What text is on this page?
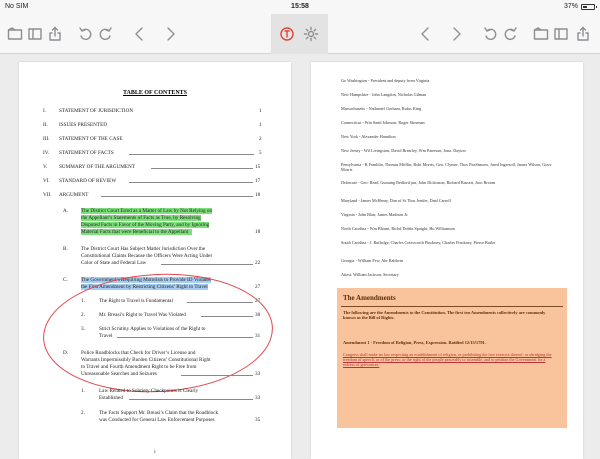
No SIM	15:58	37%
TABLE OF CONTENTS
I. STATEMENT OF JURISDICTION	1
II. ISSUES PRESENTED	1
III. STATEMENT OF THE CASE	2
IV. STATEMENT OF FACTS	5
V. SUMMARY OF THE ARGUMENT	15
VI. STANDARD OF REVIEW	17
VII. ARGUMENT	18
A. The District Court Erred as a Matter of Law by Not Relying on
the Appellant’s Statements of Facts as True, by Resolving
Disputed Facts in Favor of the Moving Party, and by Ignoring
Material Facts that were Beneficial to the Appellant	18
B.	The District Court Has Subject Matter Jurisdiction Over the
Constitutional Claims Because the Officers Were Acting Under
Color of State and Federal Law	22
C.	The Government’s Requiring Motorists to Provide ID Violates
the First Amendment by Restricting Citizens’ Right to Travel	27
1.	The Right to Travel is Fundamental	27
2.	Mr. Breasi’s Right to Travel Was Violated	30
3.	Strict Scrutiny Applies to Violations of the Right to
Travel	31
D. Police Roadblocks that Check for Driver’s License and
Warrants Impermissibly Burden Citizens’ Constitutional Right
to Travel and Fourth Amendment Right to be Free from
Unreasonable Searches and Seizures	33
1.	Law Related to Sobriety Checkpoints is Clearly
Established	33
2.	The Facts Support Mr. Breasi’s Claim that the Roadblock
was Conducted for General Law Enforcement Purposes	35
i
Go Washington - President and deputy from Virginia
New Hampshire - John Langdon, Nicholas Gilman
Massachusetts - Nathaniel Gorham, Rufus King
Connecticut - Wm Saml Johnson, Roger Sherman
New York - Alexander Hamilton
New Jersey - Wil Livingston, David Brearley, Wm Paterson, Jona. Dayton
Pensylvania - B Franklin, Thomas Mifflin, Robt Morris, Geo. Clymer, Thos FitzSimons, Jared Ingersoll, James Wilson, Gouv Morris
Delaware - Geo: Read, Gunning Bedford jun, John Dickinson, Richard Bassett, Jaco Broom
Maryland - James McHenry, Dan of St Thos Jenifer, Danl Carroll
Virginia - John Blair, James Madison Jr.
North Carolina - Wm Blount, Richd Dobbs Spaight, Hu Williamson
South Carolina - J. Rutledge, Charles Cotesworth Pinckney, Charles Pinckney, Pierce Butler
Georgia - William Few, Abr Baldwin
Attest: William Jackson, Secretary
The Amendments
The following are the Amendments to the Constitution. The first ten Amendments collectively are commonly known as the Bill of Rights.
Amendment 1 - Freedom of Religion, Press, Expression. Ratified 12/15/1791.
Congress shall make no law respecting an establishment of religion, or prohibiting the free exercise thereof; or abridging the freedom of speech, or of the press; or the right of the people peaceably to assemble, and to petition the Government for a redress of grievances.
